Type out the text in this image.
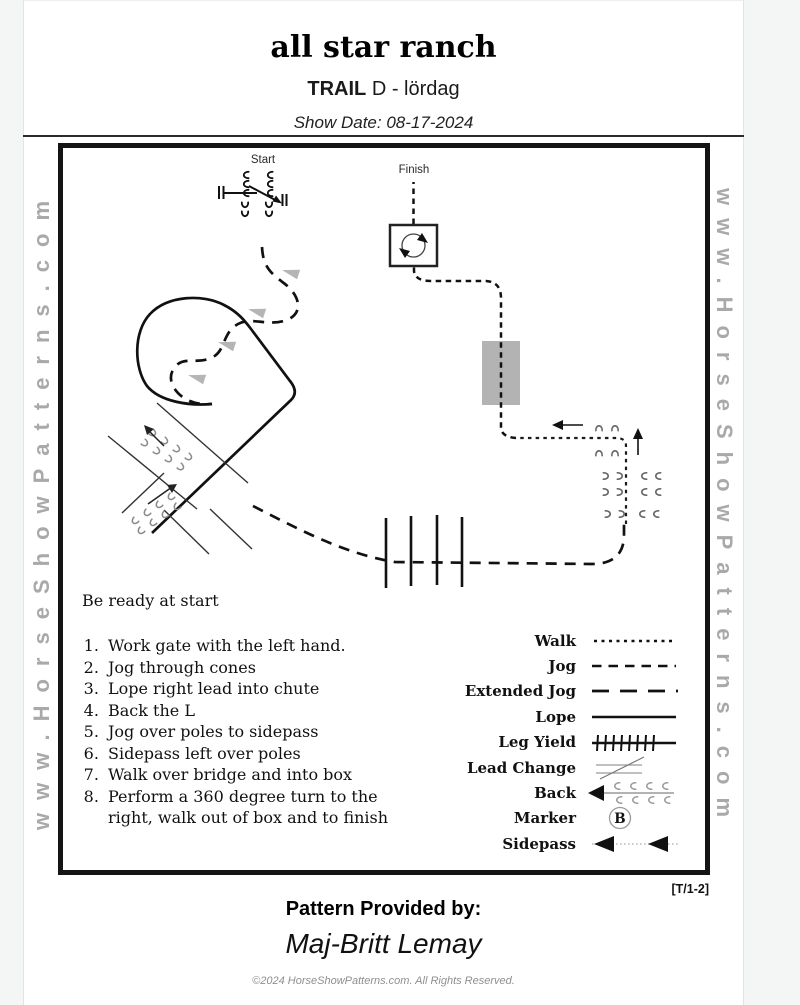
all star ranch
TRAIL D - lördag
Show Date: 08-17-2024
www.HorseShowPatterns.com	www.HorseShowPatterns.com
Start
Finish

Be ready at start

1. Work gate with the left hand.
2. Jog through cones
3. Lope right lead into chute
4. Back the L
5. Jog over poles to sidepass
6. Sidepass left over poles
7. Walk over bridge and into box
8. Perform a 360 degree turn to the right, walk out of box and to finish
Walk
Jog
Extended Jog
Lope
Leg Yield
Lead Change
Back
Marker	B
Sidepass
[T/1-2]
Pattern Provided by:
Maj-Britt Lemay
©2024 HorseShowPatterns.com. All Rights Reserved.
